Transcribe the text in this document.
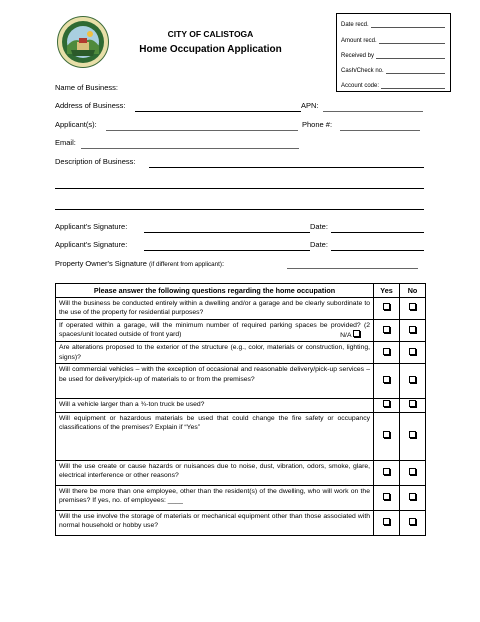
CITY OF CALISTOGA
Home Occupation Application
Date recd.
Amount recd.
Received by
Cash/Check no.
Account code:
Name of Business:
Address of Business:	APN:
Applicant(s):	Phone #:
Email:
Description of Business:
Applicant's Signature:	Date:
Applicant's Signature:	Date:
Property Owner's Signature (if different from applicant):
Please answer the following questions regarding the home occupation	Yes	No
Will the business be conducted entirely within a dwelling and/or a garage and be clearly subordinate to the use of the property for residential purposes?		
If operated within a garage, will the minimum number of required parking spaces be provided? (2 spaces/unit located outside of front yard) N/A		

Are alterations proposed to the exterior of the structure (e.g., color, materials or construction, lighting, signs)?		
Will commercial vehicles – with the exception of occasional and reasonable delivery/pick-up services – be used for delivery/pick-up of materials to or from the premises?		
Will a vehicle larger than a ¾-ton truck be used?		
Will equipment or hazardous materials be used that could change the fire safety or occupancy classifications of the premises? Explain if “Yes”		
Will the use create or cause hazards or nuisances due to noise, dust, vibration, odors, smoke, glare, electrical interference or other reasons?		
Will there be more than one employee, other than the resident(s) of the dwelling, who will work on the premises? If yes, no. of employees: ____		
Will the use involve the storage of materials or mechanical equipment other than those associated with normal household or hobby use?		
